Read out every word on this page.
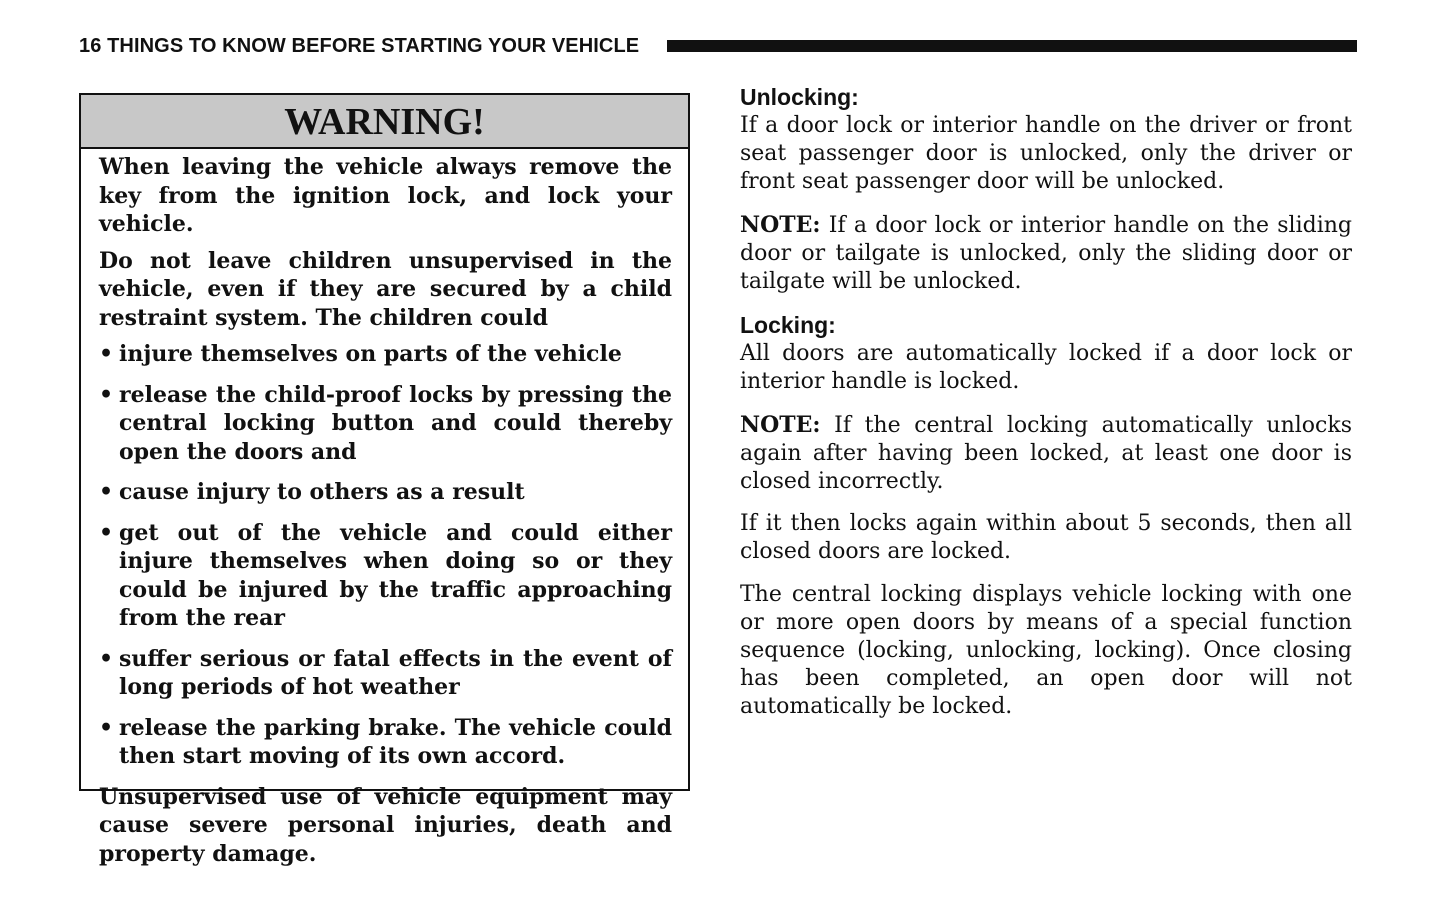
16 THINGS TO KNOW BEFORE STARTING YOUR VEHICLE
WARNING!

When leaving the vehicle always remove the key from the ignition lock, and lock your vehicle.

Do not leave children unsupervised in the vehicle, even if they are secured by a child restraint system. The children could

• injure themselves on parts of the vehicle
• release the child-proof locks by pressing the central locking button and could thereby open the doors and
• cause injury to others as a result
• get out of the vehicle and could either injure themselves when doing so or they could be injured by the traffic approaching from the rear
• suffer serious or fatal effects in the event of long periods of hot weather
• release the parking brake. The vehicle could then start moving of its own accord.

Unsupervised use of vehicle equipment may cause severe personal injuries, death and property damage.

Unlocking:

If a door lock or interior handle on the driver or front seat passenger door is unlocked, only the driver or front seat passenger door will be unlocked.

NOTE: If a door lock or interior handle on the sliding door or tailgate is unlocked, only the sliding door or tailgate will be unlocked.

Locking:

All doors are automatically locked if a door lock or interior handle is locked.

NOTE: If the central locking automatically unlocks again after having been locked, at least one door is closed incorrectly.

If it then locks again within about 5 seconds, then all closed doors are locked.

The central locking displays vehicle locking with one or more open doors by means of a special function sequence (locking, unlocking, locking). Once closing has been completed, an open door will not automatically be locked.
